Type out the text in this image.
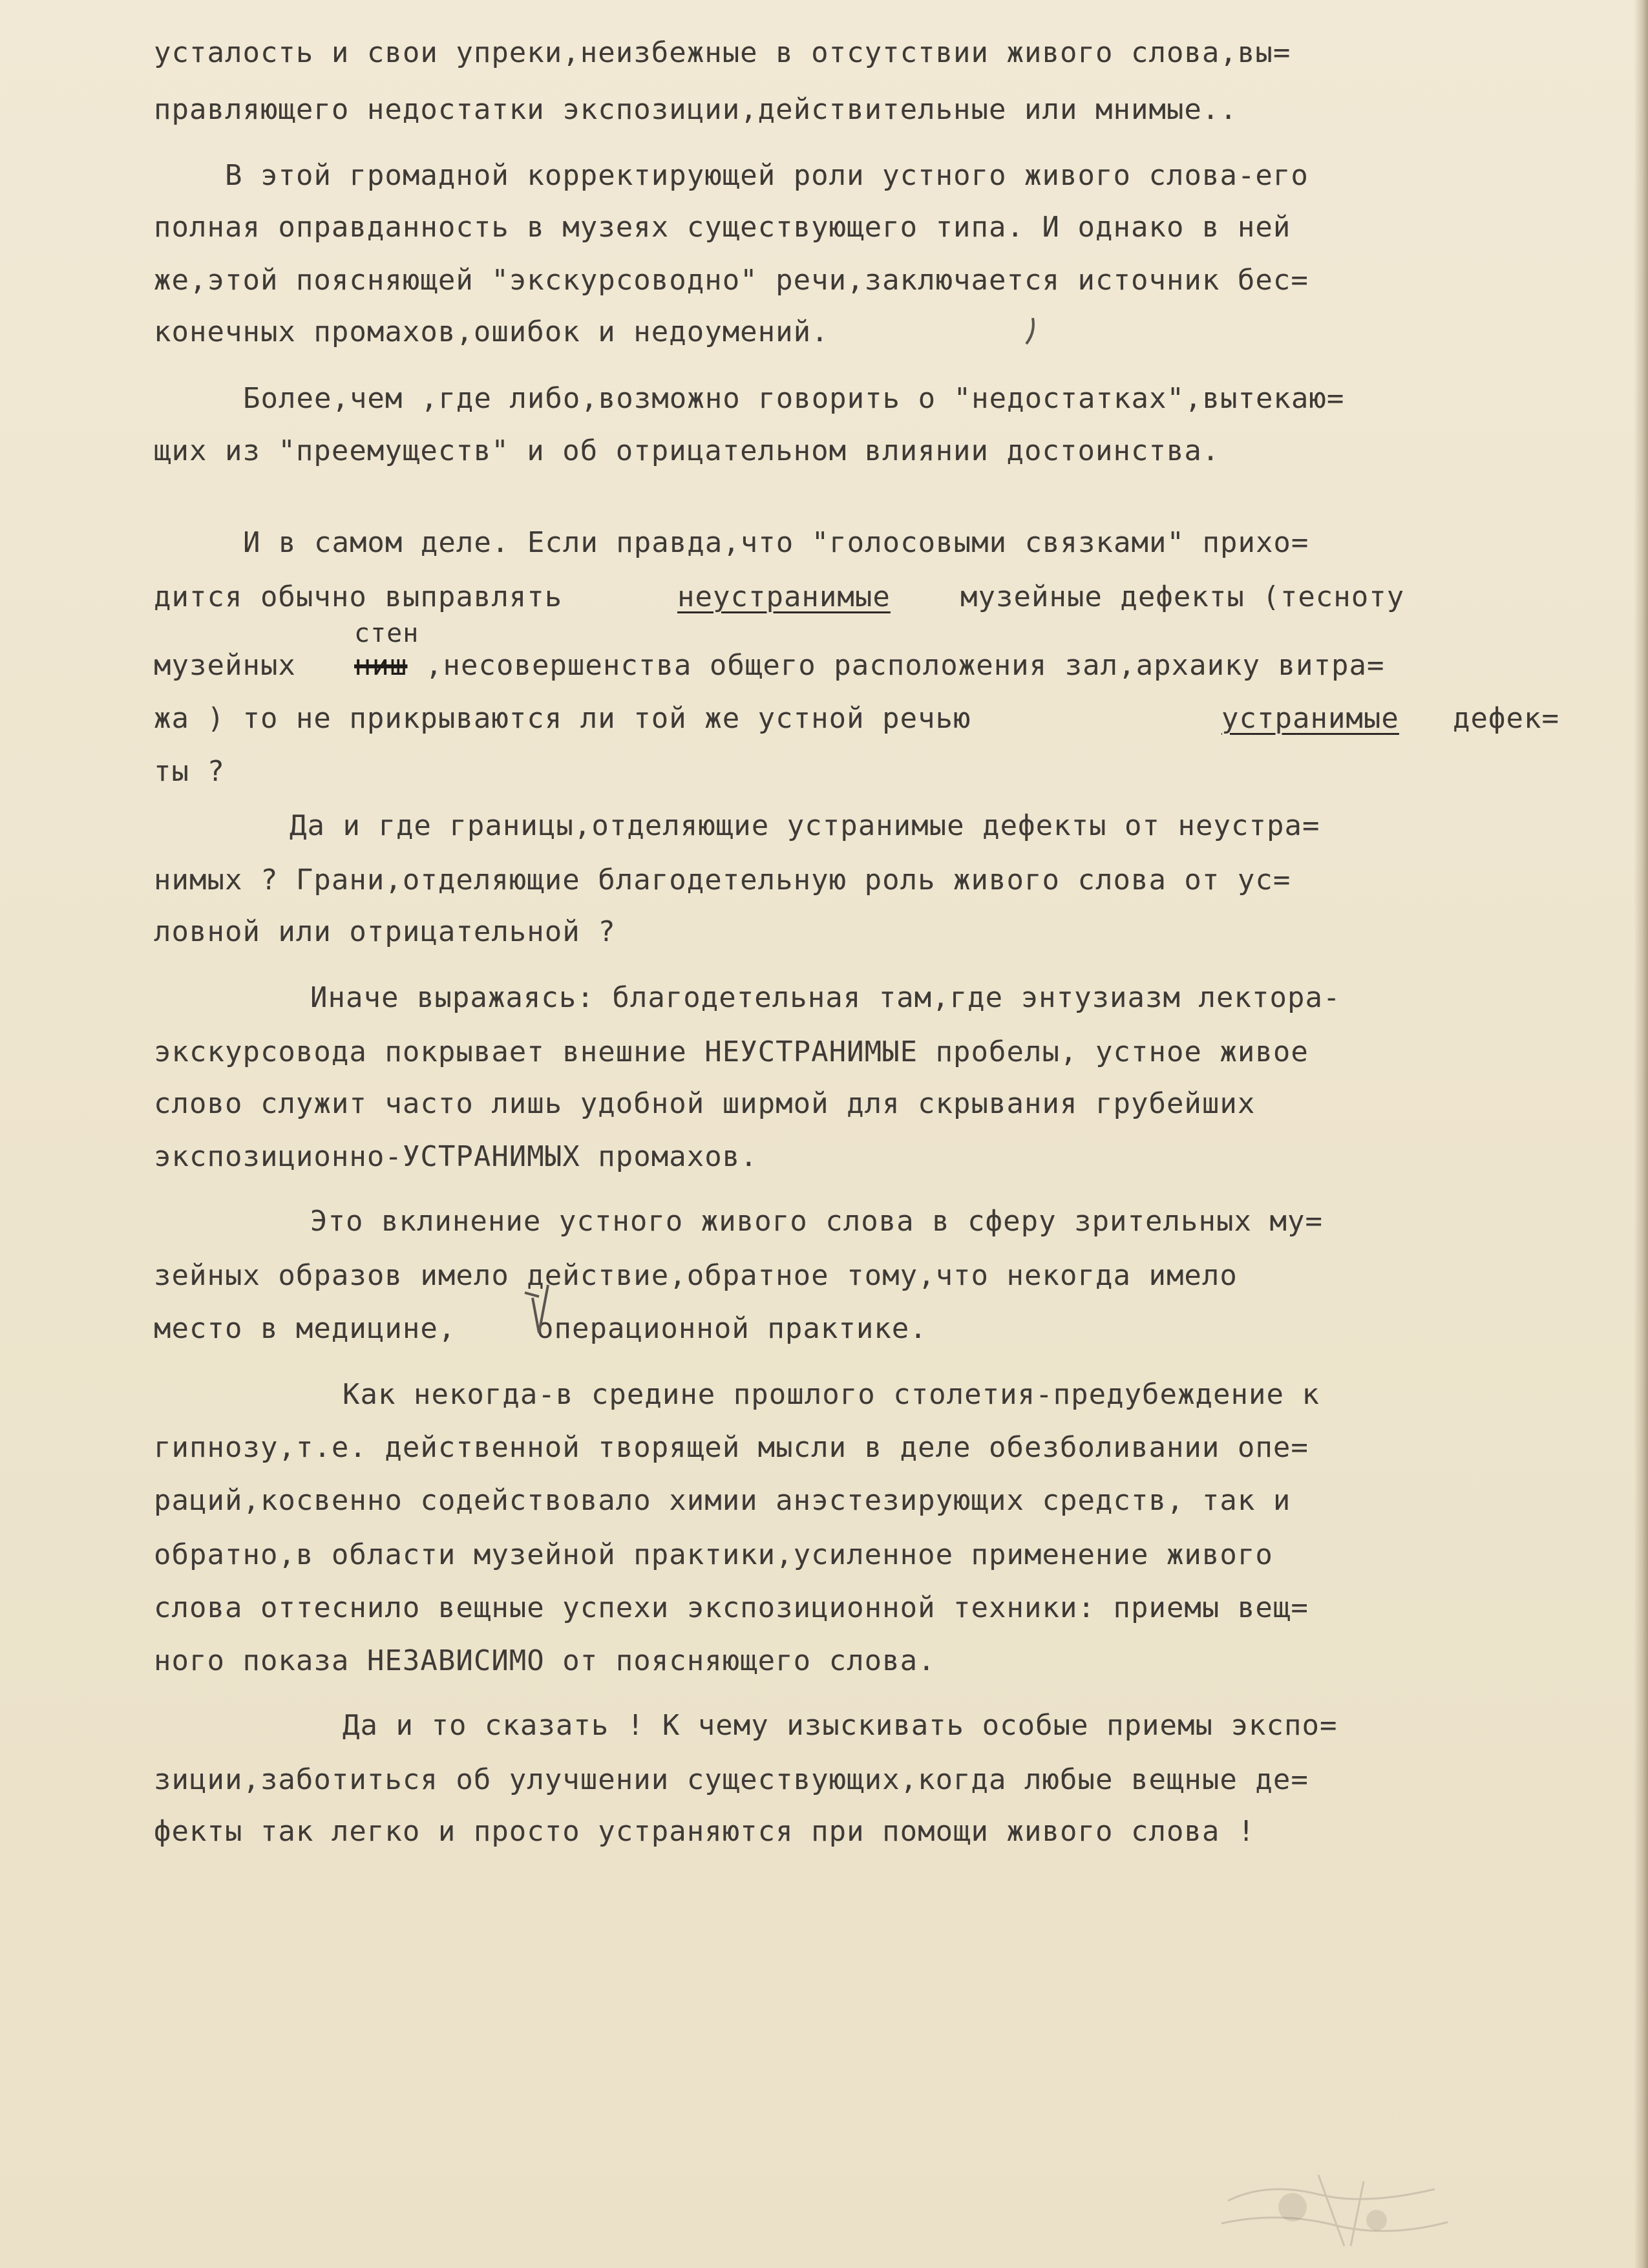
усталость и свои упреки,неизбежные в отсутствии живого слова,вы=
правляющего недостатки экспозиции,действительные или мнимые..
В этой громадной корректирующей роли устного живого слова-его
полная оправданность в музеях существующего типа. И однако в ней
же,этой поясняющей "экскурсоводно" речи,заключается источник бес=
конечных промахов,ошибок и недоумений.
Более,чем ,где либо,возможно говорить о "недостатках",вытекаю=
щих из "преемуществ" и об отрицательном влиянии достоинства.
И в самом деле. Если правда,что "голосовыми связками" прихо=
дится обычно выправлять	неустранимые музейные дефекты (тесноту
стен
музейных ниш ,несовершенства общего расположения зал,архаику витра=
жа ) то не прикрываются ли той же устной речью	устранимые дефек=
ты ?
Да и где границы,отделяющие устранимые дефекты от неустра=
нимых ? Грани,отделяющие благодетельную роль живого слова от ус=
ловной или отрицательной ?
Иначе выражаясь: благодетельная там,где энтузиазм лектора-
экскурсовода покрывает внешние НЕУСТРАНИМЫЕ пробелы, устное живое
слово служит часто лишь удобной ширмой для скрывания грубейших
экспозиционно-УСТРАНИМЫХ промахов.
Это вклинение устного живого слова в сферу зрительных му=
зейных образов имело действие,обратное тому,что некогда имело
место в медицине,	операционной практике.
Как некогда-в средине прошлого столетия-предубеждение к
гипнозу,т.е. действенной творящей мысли в деле обезболивании опе=
раций,косвенно содействовало химии анэстезирующих средств, так и
обратно,в области музейной практики,усиленное применение живого
слова оттеснило вещные успехи экспозиционной техники: приемы вещ=
ного показа НЕЗАВИСИМО от поясняющего слова.
Да и то сказать ! К чему изыскивать особые приемы экспо=
зиции,заботиться об улучшении существующих,когда любые вещные де=
фекты так легко и просто устраняются при помощи живого слова !
